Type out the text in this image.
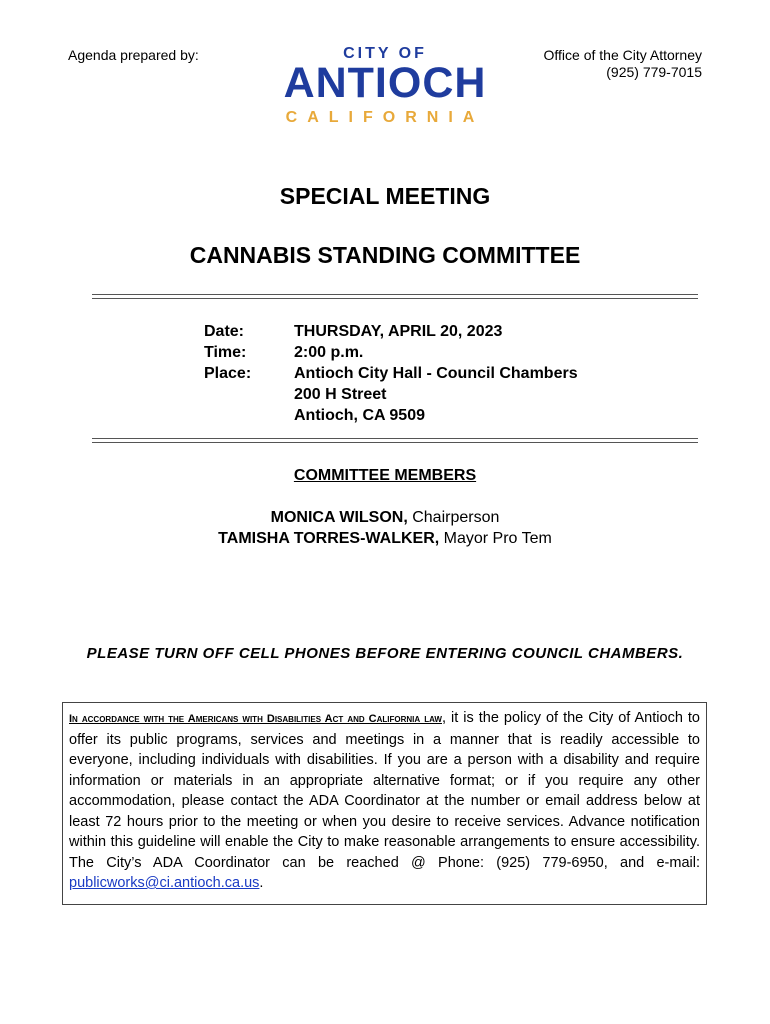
Agenda prepared by:	Office of the City Attorney
(925) 779-7015
CITY OF
ANTIOCH
CALIFORNIA
SPECIAL MEETING
CANNABIS STANDING COMMITTEE
Date:	THURSDAY, APRIL 20, 2023
Time:	2:00 p.m.
Place:	Antioch City Hall - Council Chambers
200 H Street
Antioch, CA 9509
COMMITTEE MEMBERS
MONICA WILSON, Chairperson
TAMISHA TORRES-WALKER, Mayor Pro Tem
PLEASE TURN OFF CELL PHONES BEFORE ENTERING COUNCIL CHAMBERS.
In accordance with the Americans with Disabilities Act and California law, it is the policy of the City of Antioch to offer its public programs, services and meetings in a manner that is readily accessible to everyone, including individuals with disabilities. If you are a person with a disability and require information or materials in an appropriate alternative format; or if you require any other accommodation, please contact the ADA Coordinator at the number or email address below at least 72 hours prior to the meeting or when you desire to receive services. Advance notification within this guideline will enable the City to make reasonable arrangements to ensure accessibility. The City’s ADA Coordinator can be reached @ Phone: (925) 779-6950, and e-mail: publicworks@ci.antioch.ca.us.
